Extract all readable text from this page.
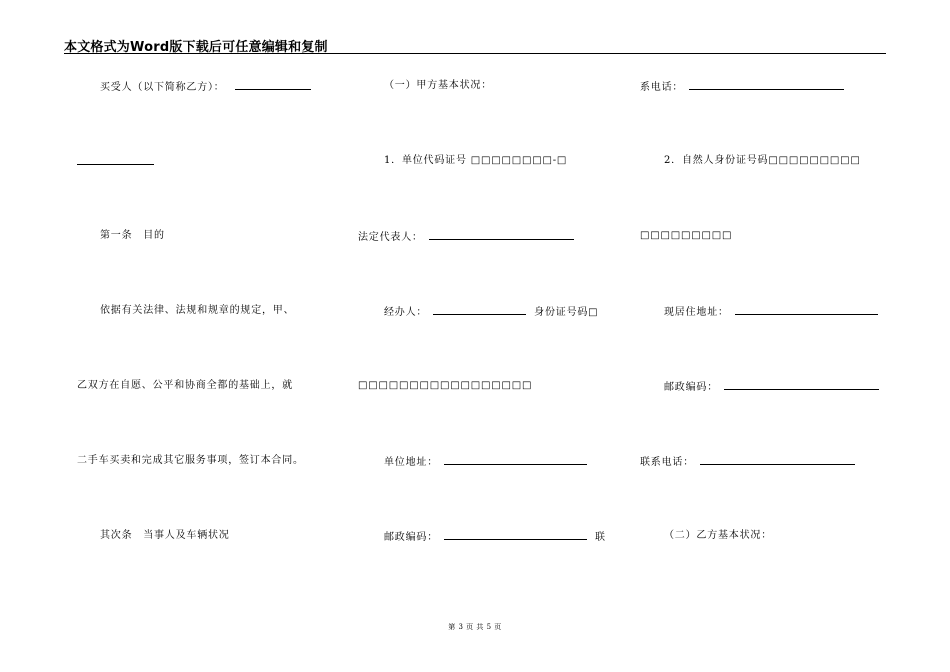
本文格式为Word版下载后可任意编辑和复制
买受人（以下简称乙方）：
第一条　目的
依据有关法律、法规和规章的规定，甲、
乙双方在自愿、公平和协商全都的基础上，就
二手车买卖和完成其它服务事项，签订本合同。
其次条　当事人及车辆状况
（一）甲方基本状况：
1．单位代码证号 □□□□□□□□-□
法定代表人：
经办人：	身份证号码□
□□□□□□□□□□□□□□□□□
单位地址：
邮政编码：	联
系电话：
2．自然人身份证号码□□□□□□□□□
□□□□□□□□□
现居住地址：
邮政编码：
联系电话：
（二）乙方基本状况：
第 3 页 共 5 页
